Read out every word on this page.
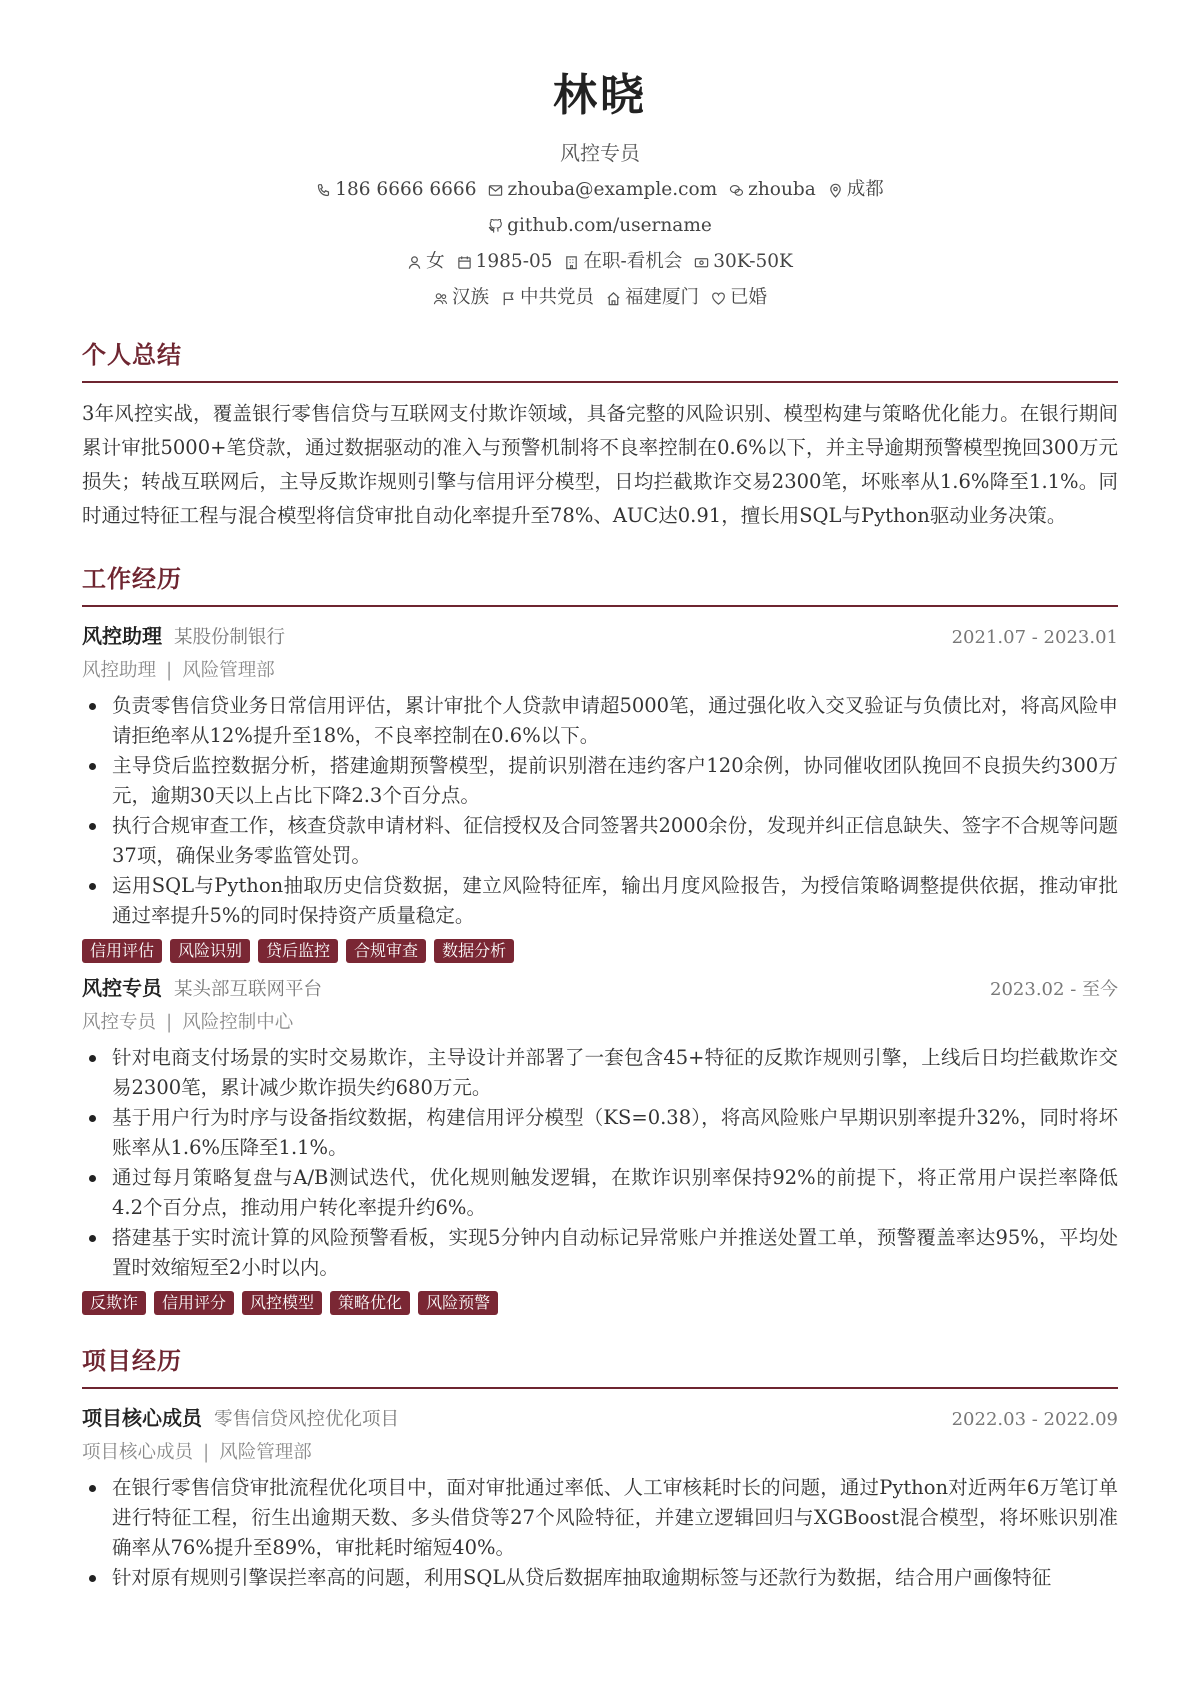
林晓
风控专员
186 6666 6666 zhouba@example.com zhouba 成都
github.com/username
女 1985-05 在职-看机会 30K-50K
汉族 中共党员 福建厦门 已婚
个人总结
3年风控实战，覆盖银行零售信贷与互联网支付欺诈领域，具备完整的风险识别、模型构建与策略优化能力。在银行期间累计审批5000+笔贷款，通过数据驱动的准入与预警机制将不良率控制在0.6%以下，并主导逾期预警模型挽回300万元损失；转战互联网后，主导反欺诈规则引擎与信用评分模型，日均拦截欺诈交易2300笔，坏账率从1.6%降至1.1%。同时通过特征工程与混合模型将信贷审批自动化率提升至78%、AUC达0.91，擅长用SQL与Python驱动业务决策。
工作经历
风控助理 某股份制银行	2021.07 - 2023.01
风控助理 | 风险管理部
负责零售信贷业务日常信用评估，累计审批个人贷款申请超5000笔，通过强化收入交叉验证与负债比对，将高风险申请拒绝率从12%提升至18%，不良率控制在0.6%以下。
主导贷后监控数据分析，搭建逾期预警模型，提前识别潜在违约客户120余例，协同催收团队挽回不良损失约300万元，逾期30天以上占比下降2.3个百分点。
执行合规审查工作，核查贷款申请材料、征信授权及合同签署共2000余份，发现并纠正信息缺失、签字不合规等问题37项，确保业务零监管处罚。
运用SQL与Python抽取历史信贷数据，建立风险特征库，输出月度风险报告，为授信策略调整提供依据，推动审批通过率提升5%的同时保持资产质量稳定。
信用评估	风险识别	贷后监控	合规审查	数据分析
风控专员 某头部互联网平台	2023.02 - 至今
风控专员 | 风险控制中心
针对电商支付场景的实时交易欺诈，主导设计并部署了一套包含45+特征的反欺诈规则引擎，上线后日均拦截欺诈交易2300笔，累计减少欺诈损失约680万元。
基于用户行为时序与设备指纹数据，构建信用评分模型（KS=0.38），将高风险账户早期识别率提升32%，同时将坏账率从1.6%压降至1.1%。
通过每月策略复盘与A/B测试迭代，优化规则触发逻辑，在欺诈识别率保持92%的前提下，将正常用户误拦率降低4.2个百分点，推动用户转化率提升约6%。
搭建基于实时流计算的风险预警看板，实现5分钟内自动标记异常账户并推送处置工单，预警覆盖率达95%，平均处置时效缩短至2小时以内。
反欺诈	信用评分	风控模型	策略优化	风险预警
项目经历
项目核心成员 零售信贷风控优化项目	2022.03 - 2022.09
项目核心成员 | 风险管理部
在银行零售信贷审批流程优化项目中，面对审批通过率低、人工审核耗时长的问题，通过Python对近两年6万笔订单进行特征工程，衍生出逾期天数、多头借贷等27个风险特征，并建立逻辑回归与XGBoost混合模型，将坏账识别准确率从76%提升至89%，审批耗时缩短40%。
针对原有规则引擎误拦率高的问题，利用SQL从贷后数据库抽取逾期标签与还款行为数据，结合用户画像特征
